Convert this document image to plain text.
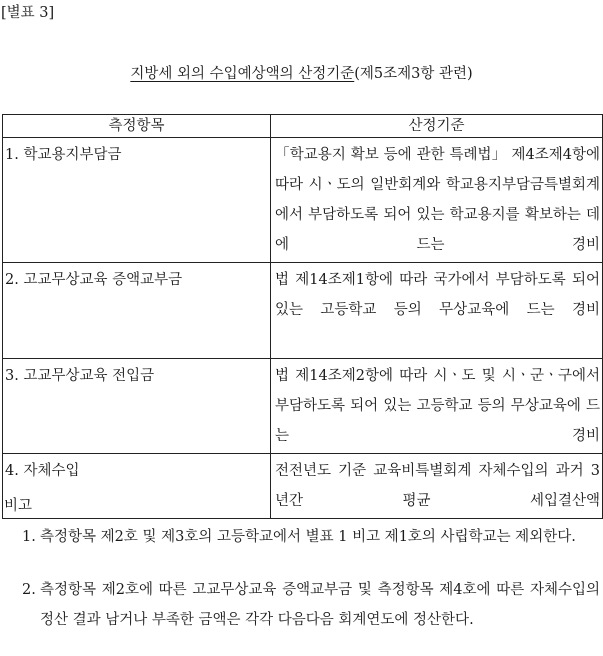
[별표 3]
지방세 외의 수입예상액의 산정기준(제5조제3항 관련)
측정항목	산정기준
1. 학교용지부담금	「학교용지 확보 등에 관한 특례법」 제4조제4항에 따라 시ㆍ도의 일반회계와 학교용지부담금특별회계에서 부담하도록 되어 있는 학교용지를 확보하는 데에 드는 경비
2. 고교무상교육 증액교부금	법 제14조제1항에 따라 국가에서 부담하도록 되어 있는 고등학교 등의 무상교육에 드는 경비
3. 고교무상교육 전입금	법 제14조제2항에 따라 시ㆍ도 및 시ㆍ군ㆍ구에서 부담하도록 되어 있는 고등학교 등의 무상교육에 드는 경비
4. 자체수입	전전년도 기준 교육비특별회계 자체수입의 과거 3년간 평균 세입결산액
비고
1. 측정항목 제2호 및 제3호의 고등학교에서 별표 1 비고 제1호의 사립학교는 제외한다.
2. 측정항목 제2호에 따른 고교무상교육 증액교부금 및 측정항목 제4호에 따른 자체수입의 정산 결과 남거나 부족한 금액은 각각 다음다음 회계연도에 정산한다.
